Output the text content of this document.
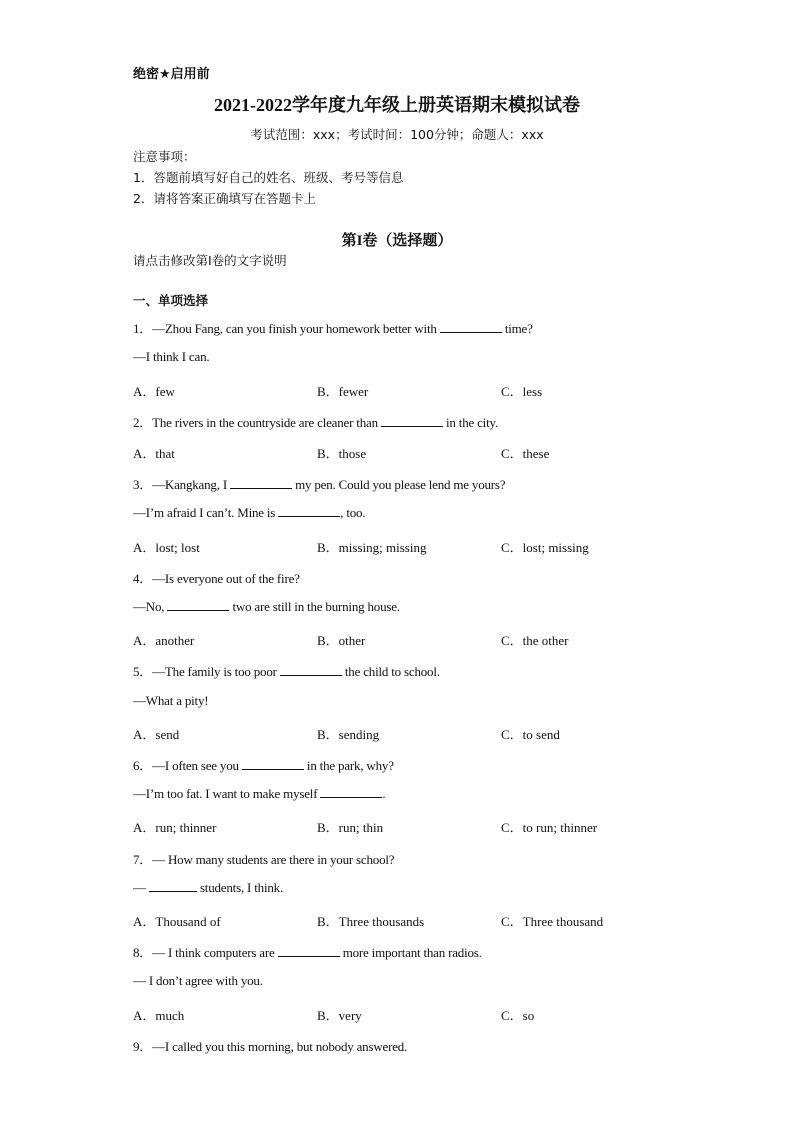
绝密★启用前
2021-2022学年度九年级上册英语期末模拟试卷
考试范围：xxx；考试时间：100分钟；命题人：xxx
注意事项：
1．答题前填写好自己的姓名、班级、考号等信息
2．请将答案正确填写在答题卡上
第I卷（选择题）
请点击修改第I卷的文字说明
一、单项选择
1．—Zhou Fang, can you finish your homework better with	time?
—I think I can.
A．few	B．fewer	C．less
2．The rivers in the countryside are cleaner than	in the city.
A．that	B．those	C．these
3．—Kangkang, I	my pen. Could you please lend me yours?
—I’m afraid I can’t. Mine is	, too.
A．lost; lost	B．missing; missing	C．lost; missing
4．—Is everyone out of the fire?
—No,	two are still in the burning house.
A．another	B．other	C．the other
5．—The family is too poor	the child to school.
—What a pity!
A．send	B．sending	C．to send
6．—I often see you	in the park, why?
—I’m too fat. I want to make myself	.
A．run; thinner	B．run; thin	C．to run; thinner
7．— How many students are there in your school?
—	students, I think.
A．Thousand of	B．Three thousands	C．Three thousand
8．— I think computers are	more important than radios.
— I don’t agree with you.
A．much	B．very	C．so
9．—I called you this morning, but nobody answered.
